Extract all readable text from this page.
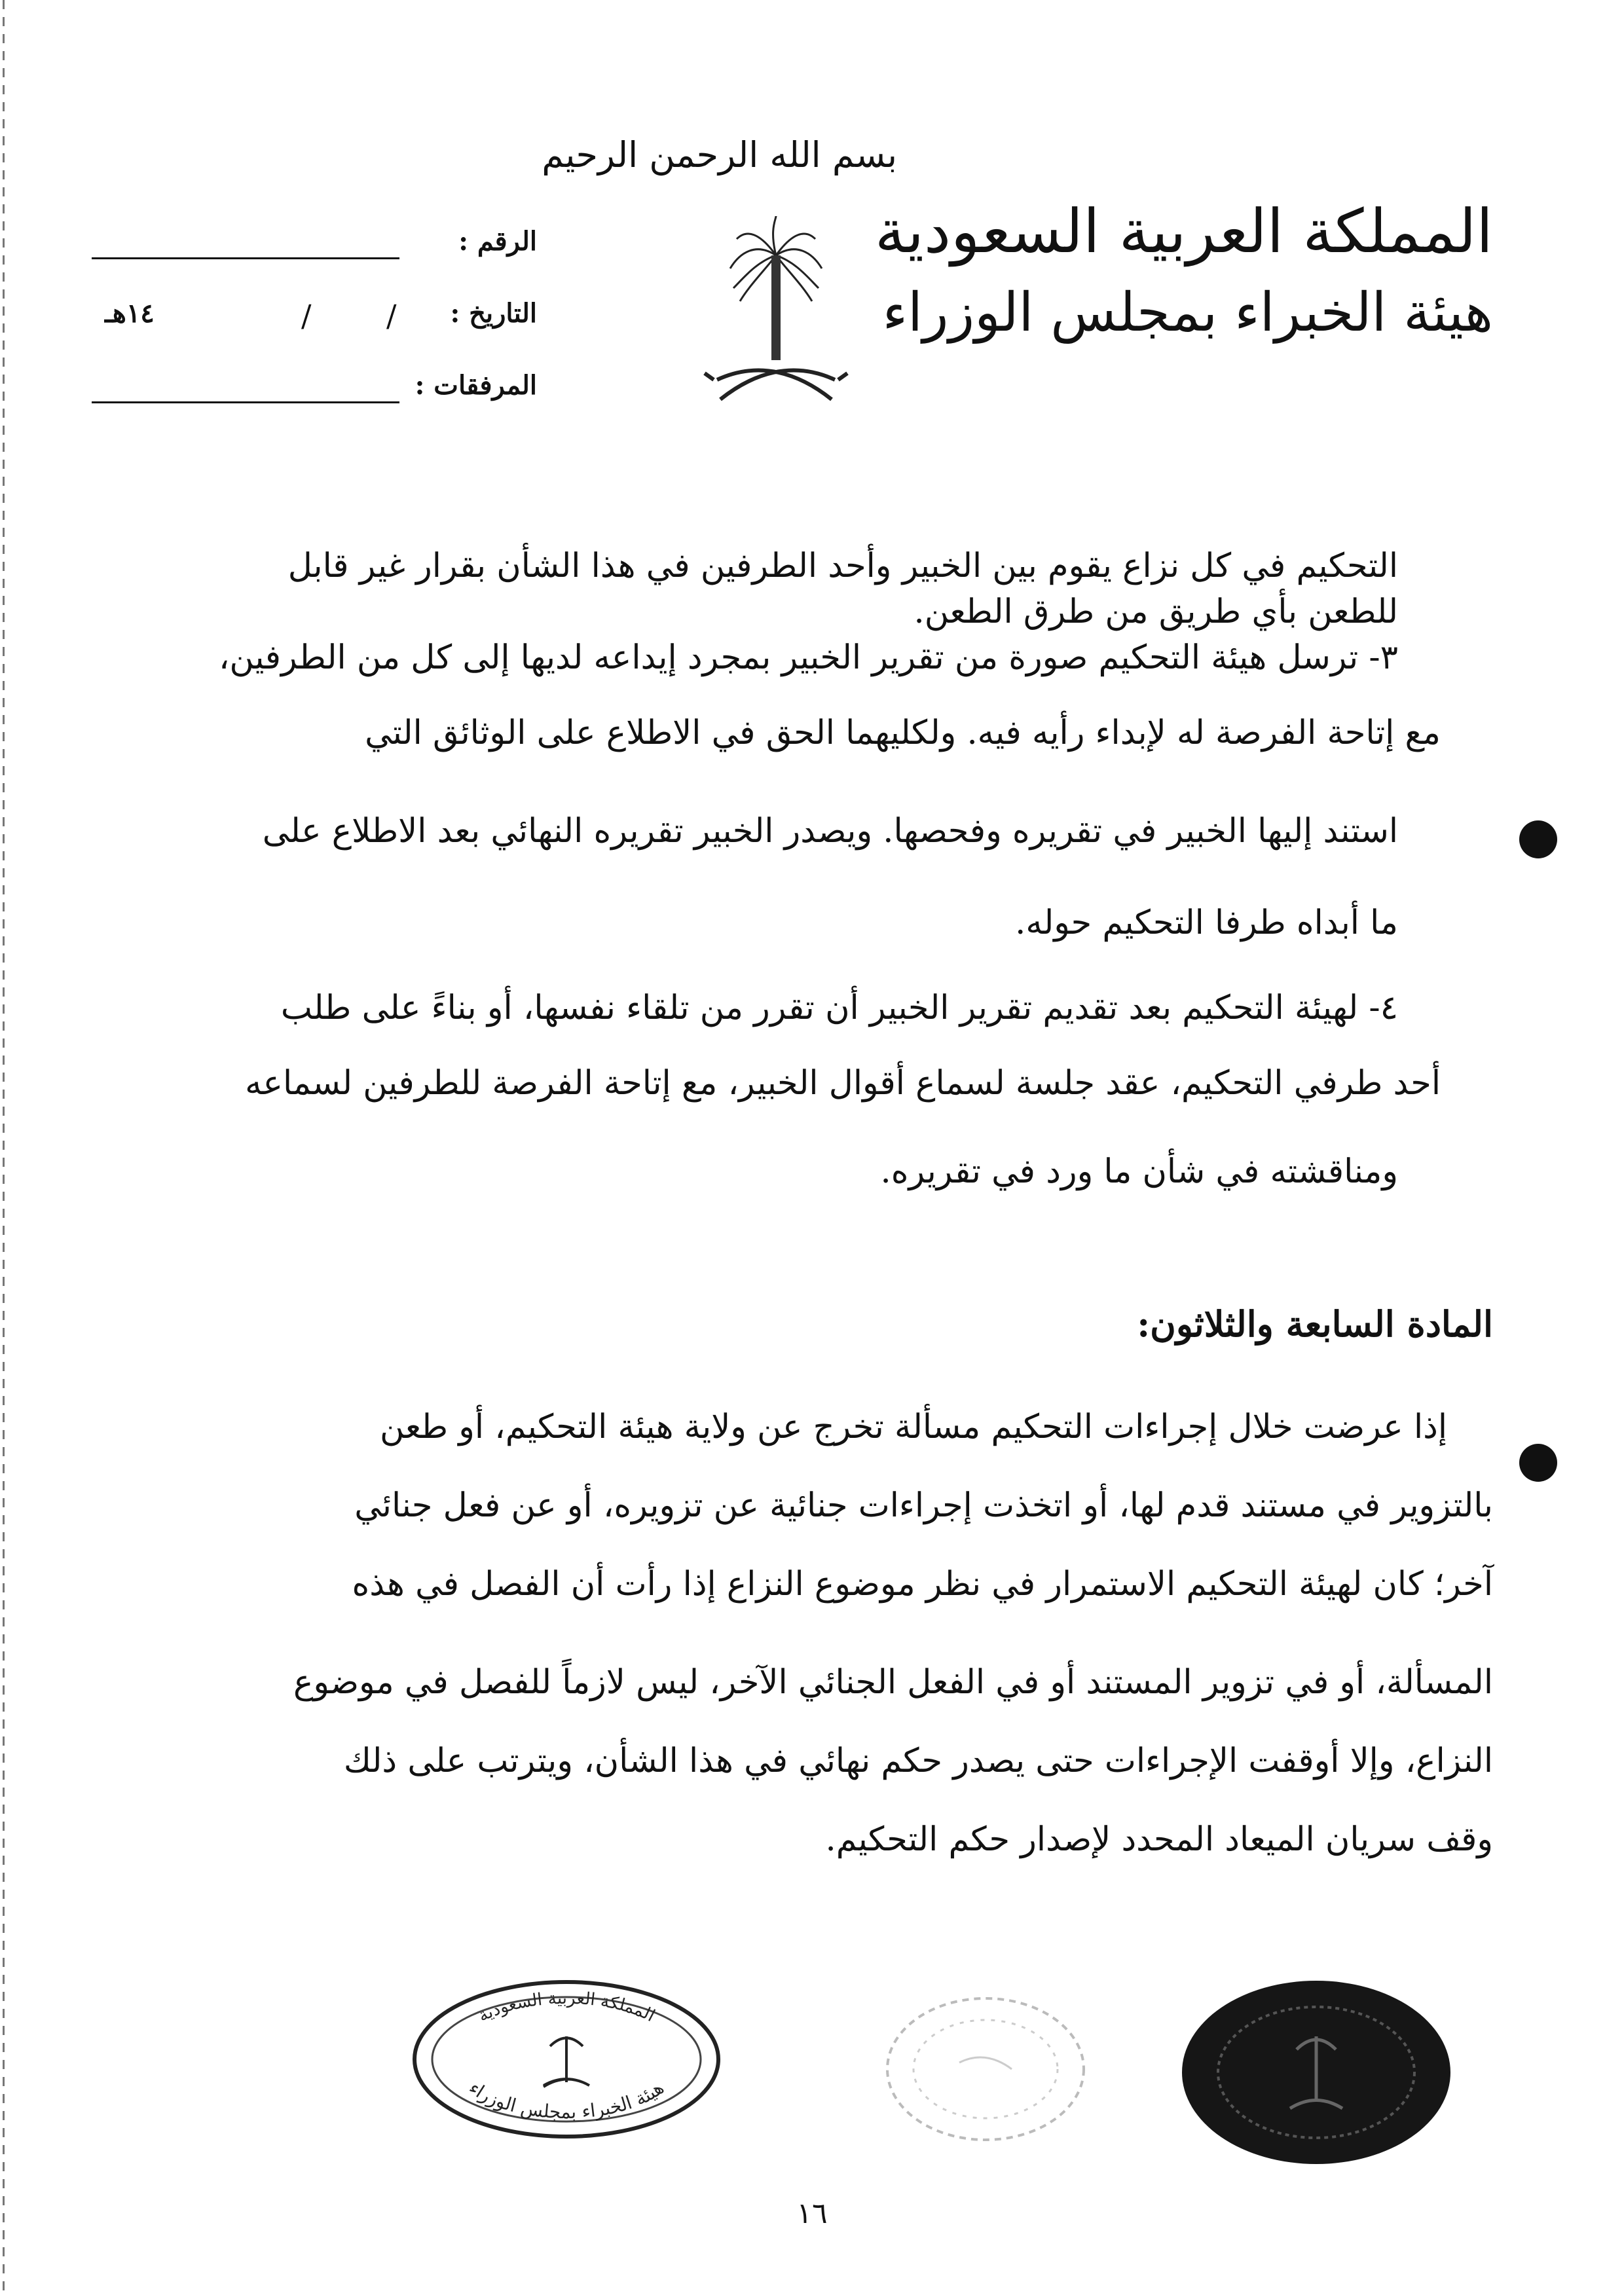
بسم الله الرحمن الرحيم
المملكة العربية السعودية
هيئة الخبراء بمجلس الوزراء
الرقم :
التاريخ :
/
/
١٤هـ
المرفقات :
التحكيم في كل نزاع يقوم بين الخبير وأحد الطرفين في هذا الشأن بقرار غير قابل
للطعن بأي طريق من طرق الطعن.
٣- ترسل هيئة التحكيم صورة من تقرير الخبير بمجرد إيداعه لديها إلى كل من الطرفين،
مع إتاحة الفرصة له لإبداء رأيه فيه. ولكليهما الحق في الاطلاع على الوثائق التي
استند إليها الخبير في تقريره وفحصها. ويصدر الخبير تقريره النهائي بعد الاطلاع على
ما أبداه طرفا التحكيم حوله.
٤- لهيئة التحكيم بعد تقديم تقرير الخبير أن تقرر من تلقاء نفسها، أو بناءً على طلب
أحد طرفي التحكيم، عقد جلسة لسماع أقوال الخبير، مع إتاحة الفرصة للطرفين لسماعه
ومناقشته في شأن ما ورد في تقريره.
المادة السابعة والثلاثون:
إذا عرضت خلال إجراءات التحكيم مسألة تخرج عن ولاية هيئة التحكيم، أو طعن
بالتزوير في مستند قدم لها، أو اتخذت إجراءات جنائية عن تزويره، أو عن فعل جنائي
آخر؛ كان لهيئة التحكيم الاستمرار في نظر موضوع النزاع إذا رأت أن الفصل في هذه
المسألة، أو في تزوير المستند أو في الفعل الجنائي الآخر، ليس لازماً للفصل في موضوع
النزاع، وإلا أوقفت الإجراءات حتى يصدر حكم نهائي في هذا الشأن، ويترتب على ذلك
وقف سريان الميعاد المحدد لإصدار حكم التحكيم.
المملكة العربية السعودية
هيئة الخبراء بمجلس الوزراء
١٦
